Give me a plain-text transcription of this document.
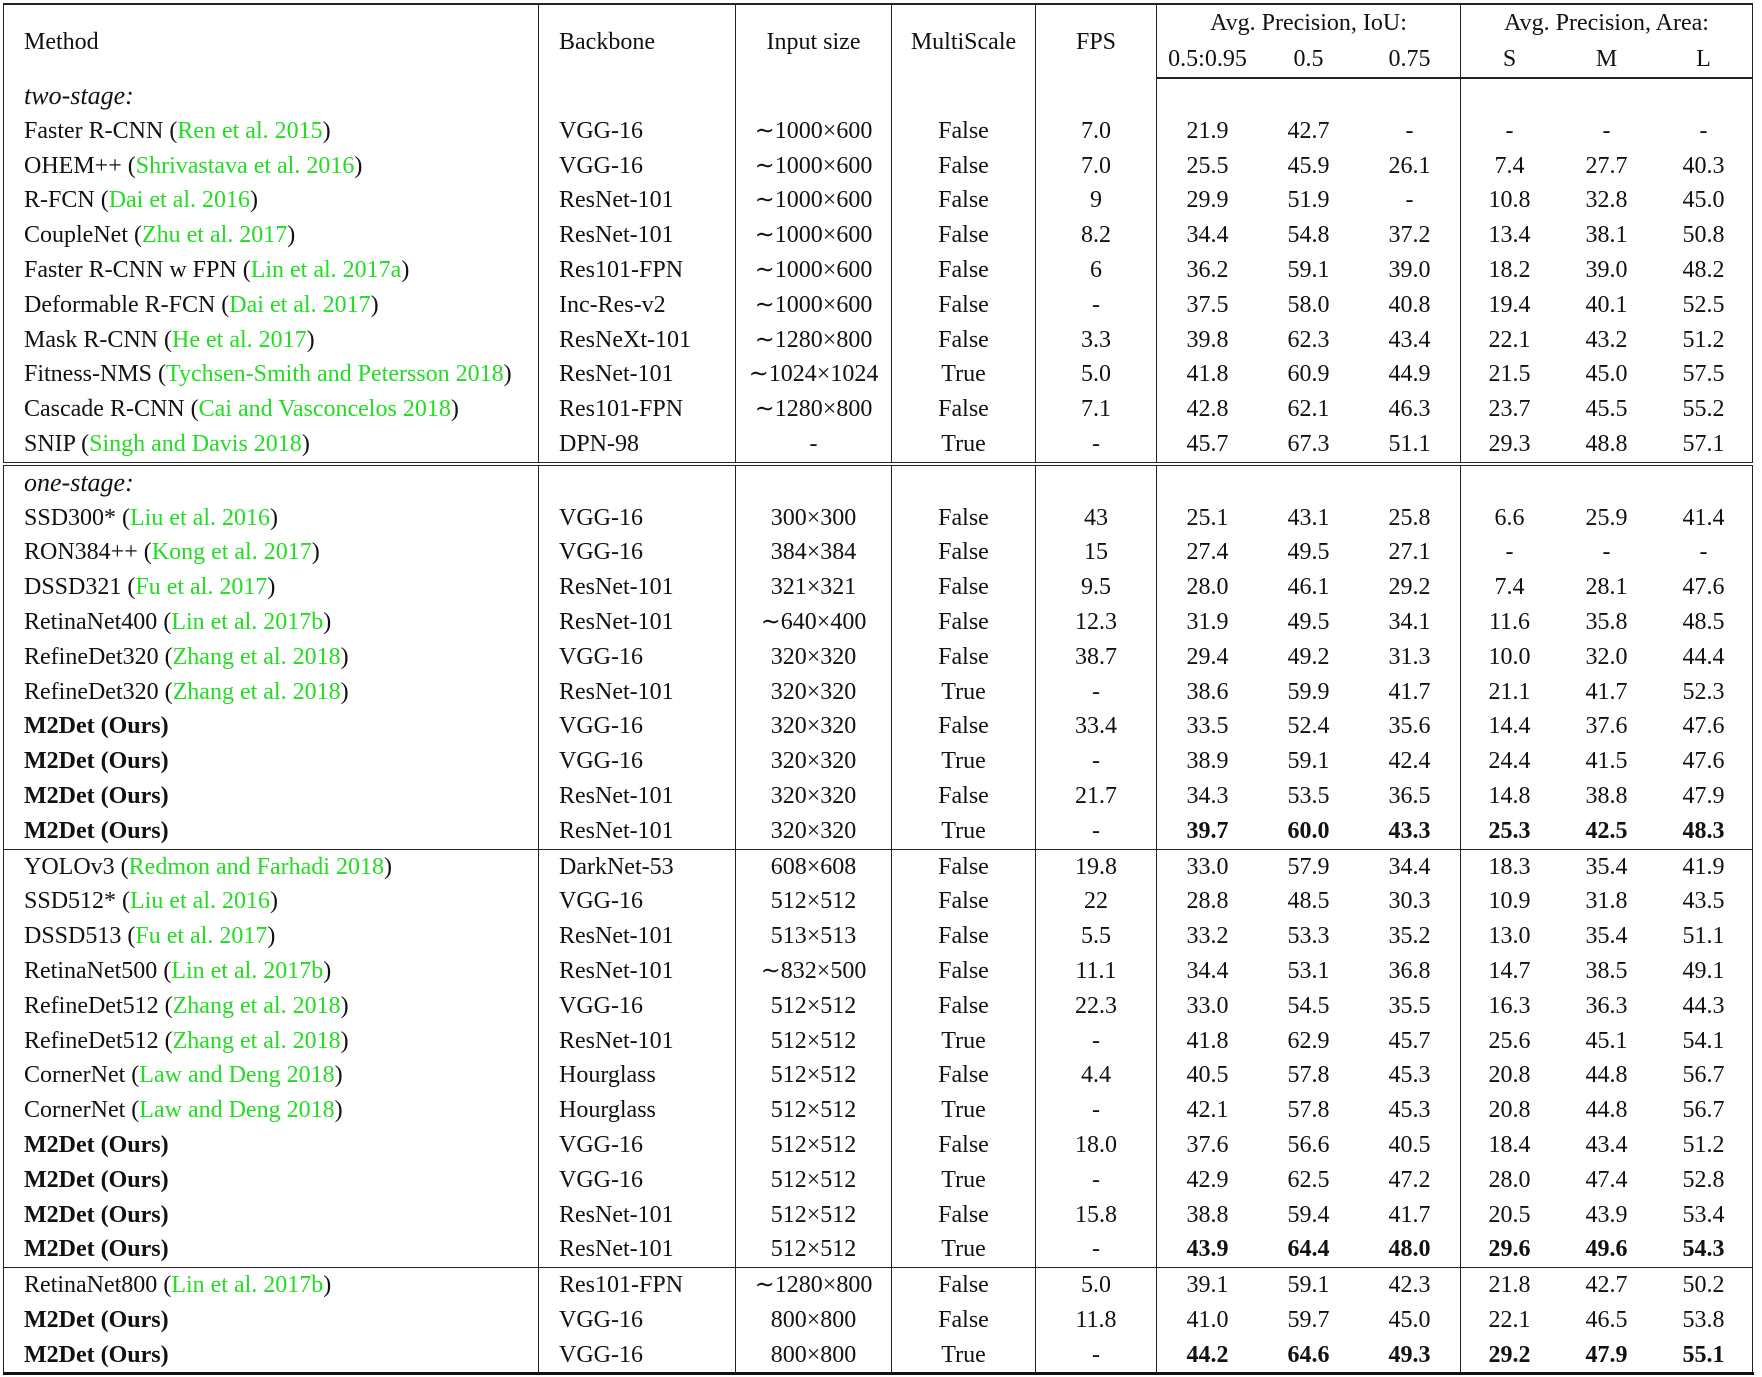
Method	Backbone	Input size	MultiScale	FPS	Avg. Precision, IoU:			Avg. Precision, Area:		
					0.5:0.95	0.5	0.75	S	M	L
two-stage:										
Faster R-CNN (Ren et al. 2015)	VGG-16	∼1000×600	False	7.0	21.9	42.7	-	-	-	-
OHEM++ (Shrivastava et al. 2016)	VGG-16	∼1000×600	False	7.0	25.5	45.9	26.1	7.4	27.7	40.3
R-FCN (Dai et al. 2016)	ResNet-101	∼1000×600	False	9	29.9	51.9	-	10.8	32.8	45.0
CoupleNet (Zhu et al. 2017)	ResNet-101	∼1000×600	False	8.2	34.4	54.8	37.2	13.4	38.1	50.8
Faster R-CNN w FPN (Lin et al. 2017a)	Res101-FPN	∼1000×600	False	6	36.2	59.1	39.0	18.2	39.0	48.2
Deformable R-FCN (Dai et al. 2017)	Inc-Res-v2	∼1000×600	False	-	37.5	58.0	40.8	19.4	40.1	52.5
Mask R-CNN (He et al. 2017)	ResNeXt-101	∼1280×800	False	3.3	39.8	62.3	43.4	22.1	43.2	51.2
Fitness-NMS (Tychsen-Smith and Petersson 2018)	ResNet-101	∼1024×1024	True	5.0	41.8	60.9	44.9	21.5	45.0	57.5
Cascade R-CNN (Cai and Vasconcelos 2018)	Res101-FPN	∼1280×800	False	7.1	42.8	62.1	46.3	23.7	45.5	55.2
SNIP (Singh and Davis 2018)	DPN-98	-	True	-	45.7	67.3	51.1	29.3	48.8	57.1
one-stage:										
SSD300* (Liu et al. 2016)	VGG-16	300×300	False	43	25.1	43.1	25.8	6.6	25.9	41.4
RON384++ (Kong et al. 2017)	VGG-16	384×384	False	15	27.4	49.5	27.1	-	-	-
DSSD321 (Fu et al. 2017)	ResNet-101	321×321	False	9.5	28.0	46.1	29.2	7.4	28.1	47.6
RetinaNet400 (Lin et al. 2017b)	ResNet-101	∼640×400	False	12.3	31.9	49.5	34.1	11.6	35.8	48.5
RefineDet320 (Zhang et al. 2018)	VGG-16	320×320	False	38.7	29.4	49.2	31.3	10.0	32.0	44.4
RefineDet320 (Zhang et al. 2018)	ResNet-101	320×320	True	-	38.6	59.9	41.7	21.1	41.7	52.3
M2Det (Ours)	VGG-16	320×320	False	33.4	33.5	52.4	35.6	14.4	37.6	47.6
M2Det (Ours)	VGG-16	320×320	True	-	38.9	59.1	42.4	24.4	41.5	47.6
M2Det (Ours)	ResNet-101	320×320	False	21.7	34.3	53.5	36.5	14.8	38.8	47.9
M2Det (Ours)	ResNet-101	320×320	True	-	39.7	60.0	43.3	25.3	42.5	48.3
YOLOv3 (Redmon and Farhadi 2018)	DarkNet-53	608×608	False	19.8	33.0	57.9	34.4	18.3	35.4	41.9
SSD512* (Liu et al. 2016)	VGG-16	512×512	False	22	28.8	48.5	30.3	10.9	31.8	43.5
DSSD513 (Fu et al. 2017)	ResNet-101	513×513	False	5.5	33.2	53.3	35.2	13.0	35.4	51.1
RetinaNet500 (Lin et al. 2017b)	ResNet-101	∼832×500	False	11.1	34.4	53.1	36.8	14.7	38.5	49.1
RefineDet512 (Zhang et al. 2018)	VGG-16	512×512	False	22.3	33.0	54.5	35.5	16.3	36.3	44.3
RefineDet512 (Zhang et al. 2018)	ResNet-101	512×512	True	-	41.8	62.9	45.7	25.6	45.1	54.1
CornerNet (Law and Deng 2018)	Hourglass	512×512	False	4.4	40.5	57.8	45.3	20.8	44.8	56.7
CornerNet (Law and Deng 2018)	Hourglass	512×512	True	-	42.1	57.8	45.3	20.8	44.8	56.7
M2Det (Ours)	VGG-16	512×512	False	18.0	37.6	56.6	40.5	18.4	43.4	51.2
M2Det (Ours)	VGG-16	512×512	True	-	42.9	62.5	47.2	28.0	47.4	52.8
M2Det (Ours)	ResNet-101	512×512	False	15.8	38.8	59.4	41.7	20.5	43.9	53.4
M2Det (Ours)	ResNet-101	512×512	True	-	43.9	64.4	48.0	29.6	49.6	54.3
RetinaNet800 (Lin et al. 2017b)	Res101-FPN	∼1280×800	False	5.0	39.1	59.1	42.3	21.8	42.7	50.2
M2Det (Ours)	VGG-16	800×800	False	11.8	41.0	59.7	45.0	22.1	46.5	53.8
M2Det (Ours)	VGG-16	800×800	True	-	44.2	64.6	49.3	29.2	47.9	55.1
